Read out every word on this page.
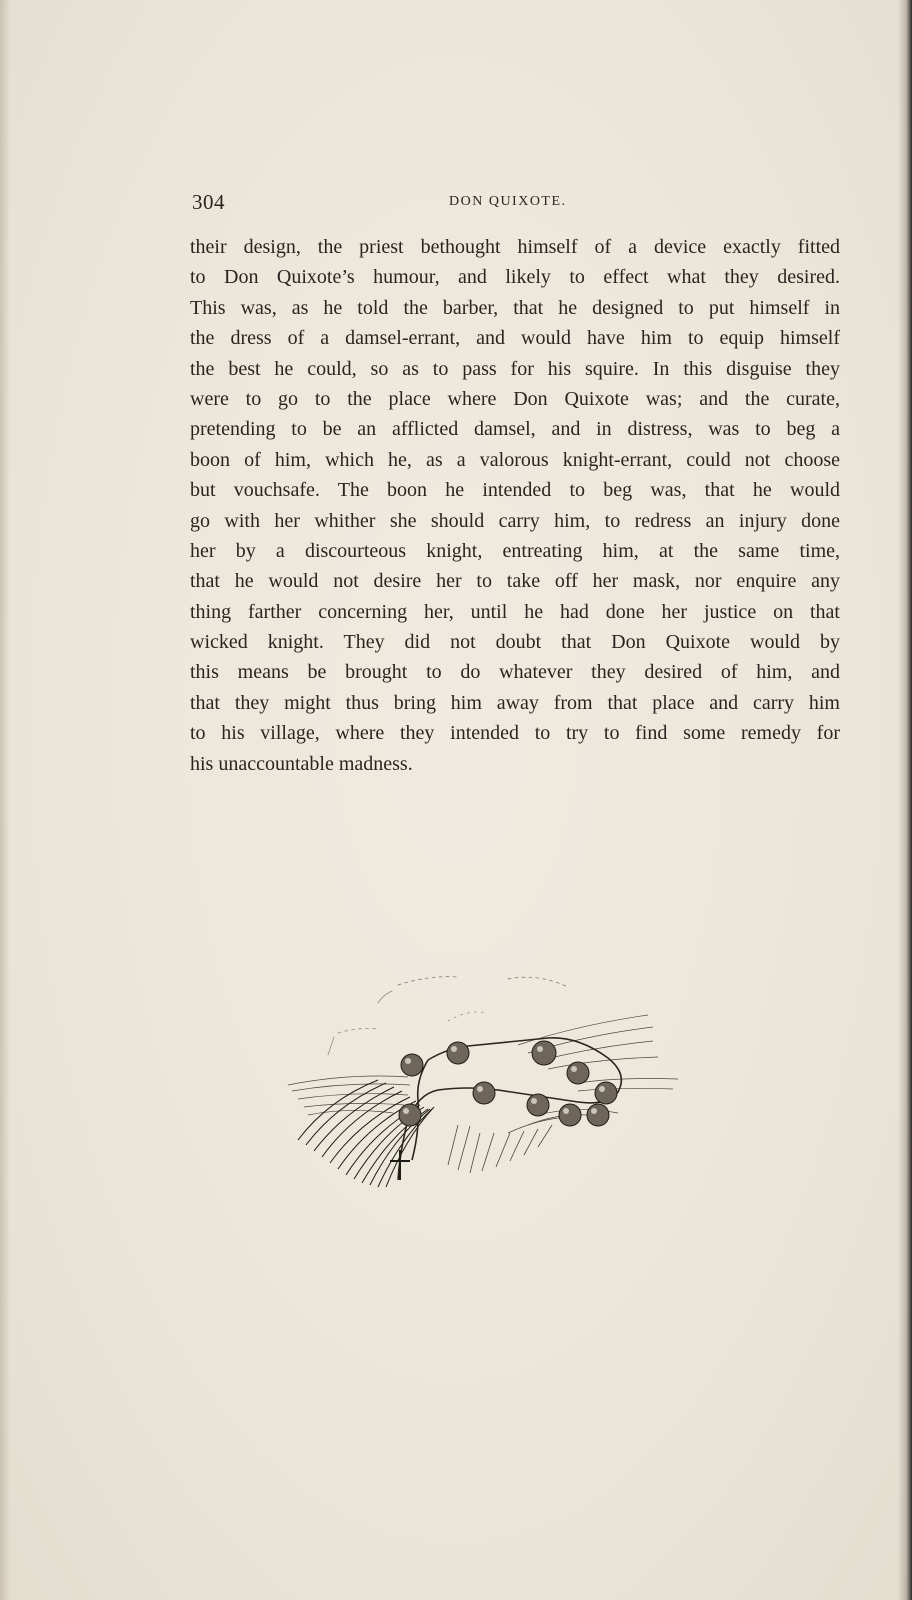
304	DON QUIXOTE.
their design, the priest bethought himself of a device exactly fitted
to Don Quixote’s humour, and likely to effect what they desired.
This was, as he told the barber, that he designed to put himself in
the dress of a damsel-errant, and would have him to equip himself
the best he could, so as to pass for his squire. In this disguise they
were to go to the place where Don Quixote was; and the curate,
pretending to be an afflicted damsel, and in distress, was to beg a
boon of him, which he, as a valorous knight-errant, could not choose
but vouchsafe. The boon he intended to beg was, that he would
go with her whither she should carry him, to redress an injury done
her by a discourteous knight, entreating him, at the same time,
that he would not desire her to take off her mask, nor enquire any
thing farther concerning her, until he had done her justice on that
wicked knight. They did not doubt that Don Quixote would by
this means be brought to do whatever they desired of him, and
that they might thus bring him away from that place and carry him
to his village, where they intended to try to find some remedy for
his unaccountable madness.
